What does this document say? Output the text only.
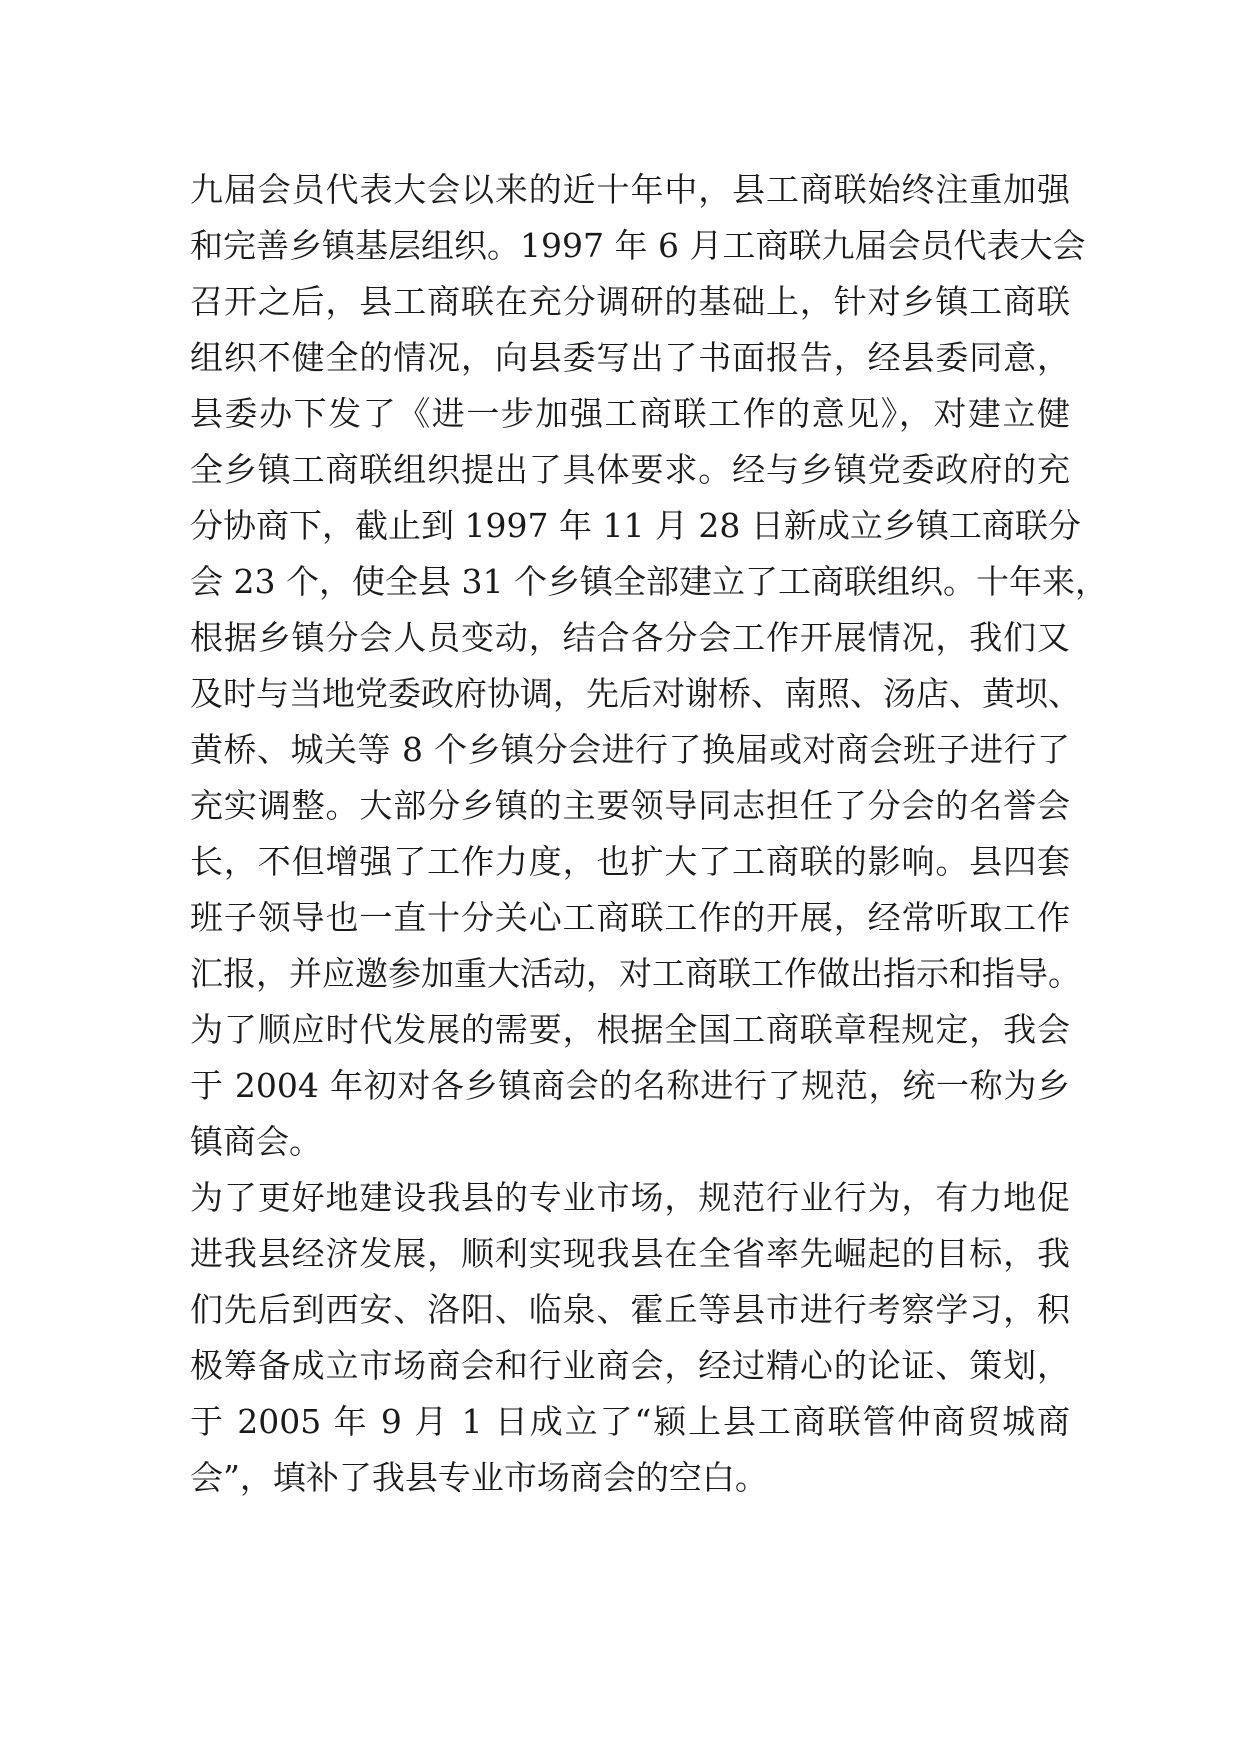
九届会员代表大会以来的近十年中，县工商联始终注重加强
和完善乡镇基层组织。1997 年 6 月工商联九届会员代表大会
召开之后，县工商联在充分调研的基础上，针对乡镇工商联
组织不健全的情况，向县委写出了书面报告，经县委同意，
县委办下发了《进一步加强工商联工作的意见》，对建立健
全乡镇工商联组织提出了具体要求。经与乡镇党委政府的充
分协商下，截止到 1997 年 11 月 28 日新成立乡镇工商联分
会 23 个，使全县 31 个乡镇全部建立了工商联组织。十年来，
根据乡镇分会人员变动，结合各分会工作开展情况，我们又
及时与当地党委政府协调，先后对谢桥、南照、汤店、黄坝、
黄桥、城关等 8 个乡镇分会进行了换届或对商会班子进行了
充实调整。大部分乡镇的主要领导同志担任了分会的名誉会
长，不但增强了工作力度，也扩大了工商联的影响。县四套
班子领导也一直十分关心工商联工作的开展，经常听取工作
汇报，并应邀参加重大活动，对工商联工作做出指示和指导。
为了顺应时代发展的需要，根据全国工商联章程规定，我会
于 2004 年初对各乡镇商会的名称进行了规范，统一称为乡
镇商会。
为了更好地建设我县的专业市场，规范行业行为，有力地促
进我县经济发展，顺利实现我县在全省率先崛起的目标，我
们先后到西安、洛阳、临泉、霍丘等县市进行考察学习，积
极筹备成立市场商会和行业商会，经过精心的论证、策划，
于 2005 年 9 月 1 日成立了“颍上县工商联管仲商贸城商
会”，填补了我县专业市场商会的空白。
